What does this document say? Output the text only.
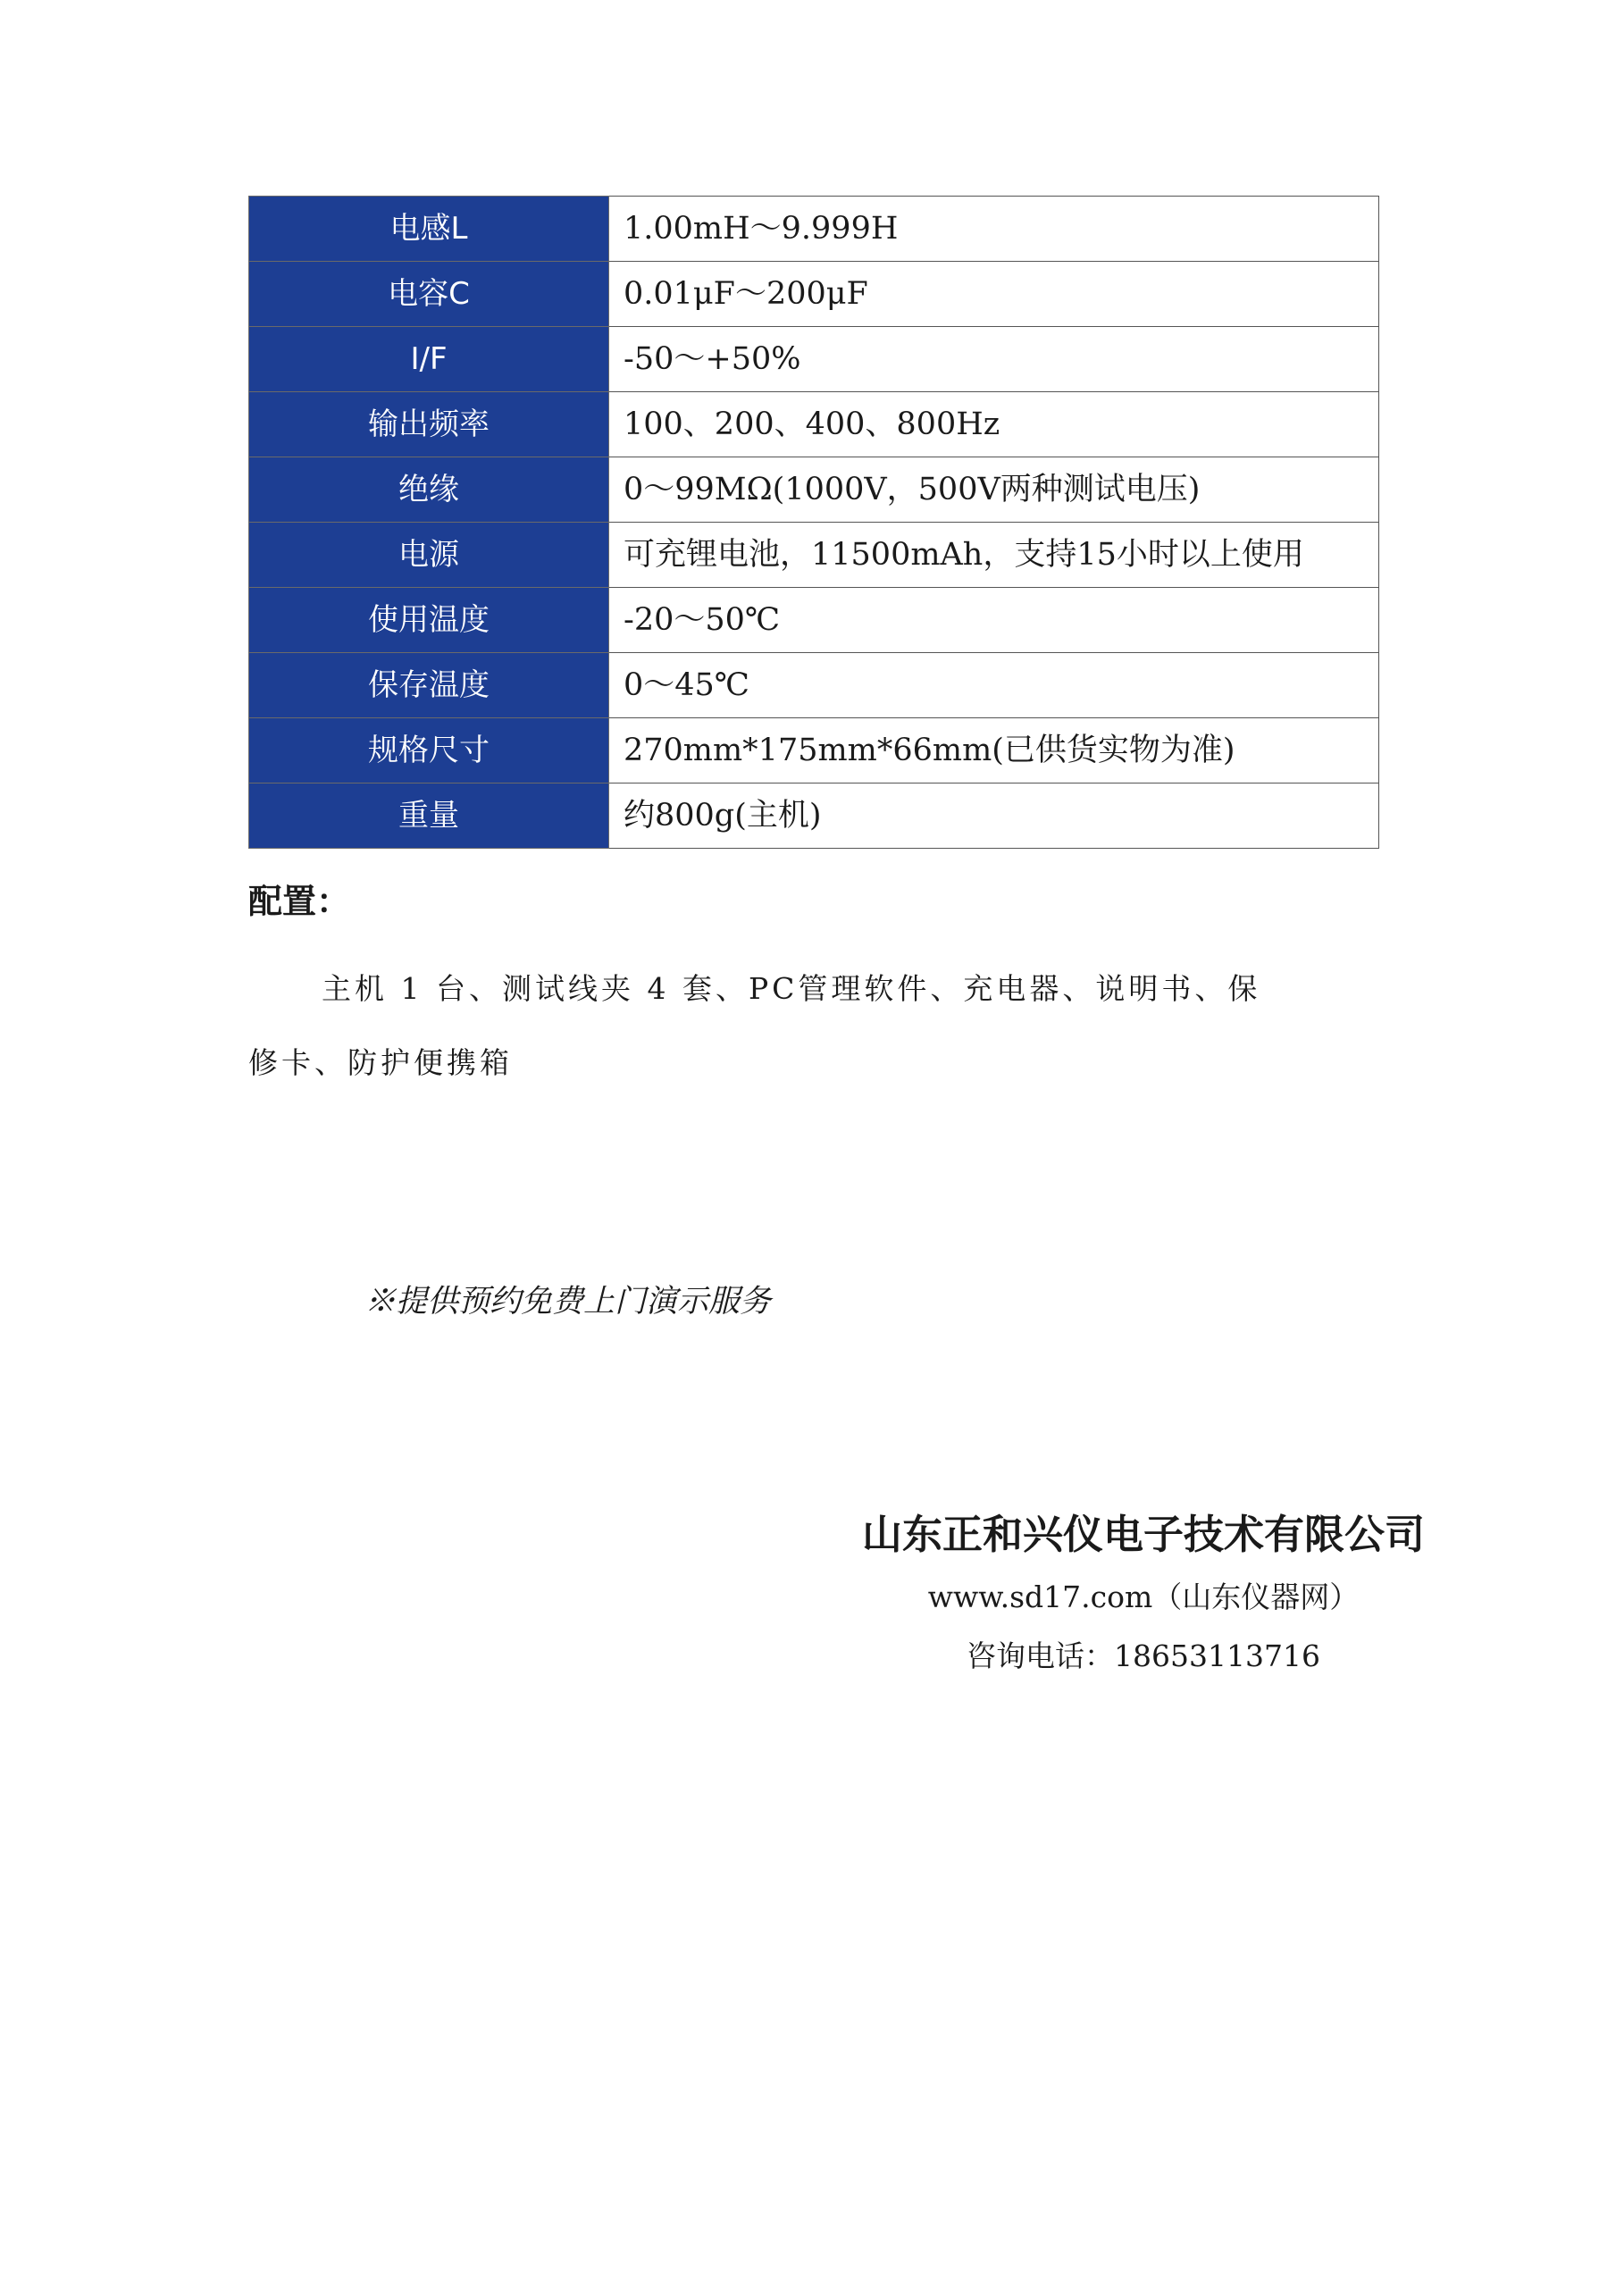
电感L	1.00mH～9.999H
电容C	0.01μF～200μF
I/F	-50～+50%
输出频率	100、200、400、800Hz
绝缘	0～99MΩ(1000V，500V两种测试电压)
电源	可充锂电池，11500mAh，支持15小时以上使用
使用温度	-20～50℃
保存温度	0～45℃
规格尺寸	270mm*175mm*66mm(已供货实物为准)
重量	约800g(主机)
配置：
主机 1 台、测试线夹 4 套、PC管理软件、充电器、说明书、保
修卡、防护便携箱
※提供预约免费上门演示服务
山东正和兴仪电子技术有限公司
www.sd17.com（山东仪器网）
咨询电话：18653113716
